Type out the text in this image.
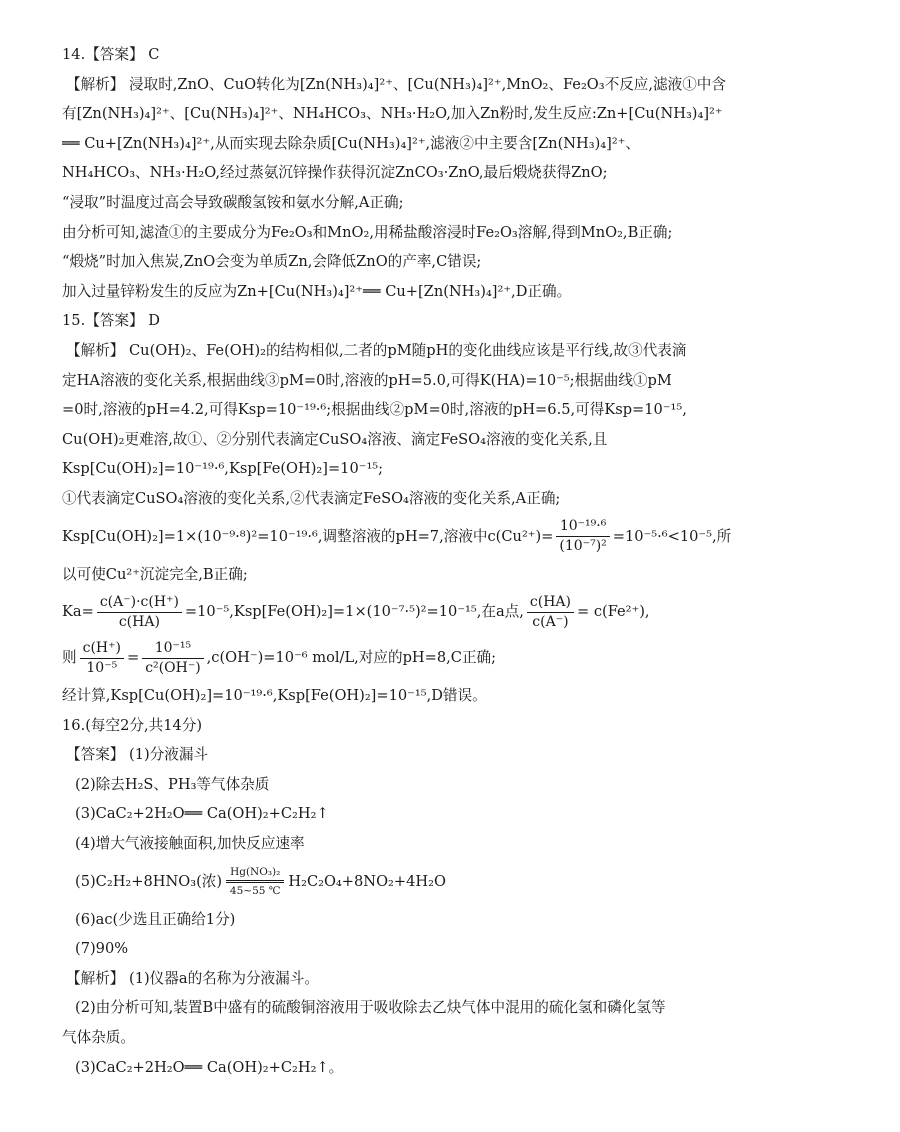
14.【答案】 C
【解析】 浸取时,ZnO、CuO转化为[Zn(NH₃)₄]²⁺、[Cu(NH₃)₄]²⁺,MnO₂、Fe₂O₃不反应,滤液①中含
有[Zn(NH₃)₄]²⁺、[Cu(NH₃)₄]²⁺、NH₄HCO₃、NH₃·H₂O,加入Zn粉时,发生反应:Zn+[Cu(NH₃)₄]²⁺
══ Cu+[Zn(NH₃)₄]²⁺,从而实现去除杂质[Cu(NH₃)₄]²⁺,滤液②中主要含[Zn(NH₃)₄]²⁺、
NH₄HCO₃、NH₃·H₂O,经过蒸氨沉锌操作获得沉淀ZnCO₃·ZnO,最后煅烧获得ZnO;
“浸取”时温度过高会导致碳酸氢铵和氨水分解,A正确;
由分析可知,滤渣①的主要成分为Fe₂O₃和MnO₂,用稀盐酸溶浸时Fe₂O₃溶解,得到MnO₂,B正确;
“煅烧”时加入焦炭,ZnO会变为单质Zn,会降低ZnO的产率,C错误;
加入过量锌粉发生的反应为Zn+[Cu(NH₃)₄]²⁺══ Cu+[Zn(NH₃)₄]²⁺,D正确。
15.【答案】 D
【解析】 Cu(OH)₂、Fe(OH)₂的结构相似,二者的pM随pH的变化曲线应该是平行线,故③代表滴
定HA溶液的变化关系,根据曲线③pM=0时,溶液的pH=5.0,可得K(HA)=10⁻⁵;根据曲线①pM
=0时,溶液的pH=4.2,可得Ksp=10⁻¹⁹·⁶;根据曲线②pM=0时,溶液的pH=6.5,可得Ksp=10⁻¹⁵,
Cu(OH)₂更难溶,故①、②分别代表滴定CuSO₄溶液、滴定FeSO₄溶液的变化关系,且
Ksp[Cu(OH)₂]=10⁻¹⁹·⁶,Ksp[Fe(OH)₂]=10⁻¹⁵;
①代表滴定CuSO₄溶液的变化关系,②代表滴定FeSO₄溶液的变化关系,A正确;
Ksp[Cu(OH)₂]=1×(10⁻⁹·⁸)²=10⁻¹⁹·⁶,调整溶液的pH=7,溶液中$c(Cu^{2+})= \frac{\text{10⁻¹⁹·⁶}}{\text{(10⁻⁷)²}} =10^{-5}\cdot^6<10^{-5}$,所
以可使Cu²⁺沉淀完全,B正确;
$Ka= \frac{c(A^-)\cdot c(H^+)}{c(HA)} =10^{-5},Ksp[Fe(OH)_2]=1\times(10^{-7}\cdot^5)^2=10^{-15}$,在a点, $\frac{c(HA)}{c(A^-)} = c(Fe^{2+})$,
则 $\frac{c(H^+)}{\text{10⁻⁵}} = \frac{\text{10⁻¹⁵}}{\text{c²(OH⁻)}} ,c(OH^-)=10^{-6}$ mol/L,对应的pH=8,C正确;
经计算,Ksp[Cu(OH)₂]=10⁻¹⁹·⁶,Ksp[Fe(OH)₂]=10⁻¹⁵,D错误。
16.(每空2分,共14分)
【答案】 (1)分液漏斗
(2)除去H₂S、PH₃等气体杂质
(3)CaC₂+2H₂O══ Ca(OH)₂+C₂H₂↑
(4)增大气液接触面积,加快反应速率
(5)C₂H₂+8HNO₃(浓) $\frac{\text{Hg(NO₃)₂}}{45\sim 55 ℃} H_2C_2O_4+8NO_2+4H_2O$
(6)ac(少选且正确给1分)
(7)90%
【解析】 (1)仪器a的名称为分液漏斗。
(2)由分析可知,装置B中盛有的硫酸铜溶液用于吸收除去乙炔气体中混用的硫化氢和磷化氢等
气体杂质。
(3)CaC₂+2H₂O══ Ca(OH)₂+C₂H₂↑。
